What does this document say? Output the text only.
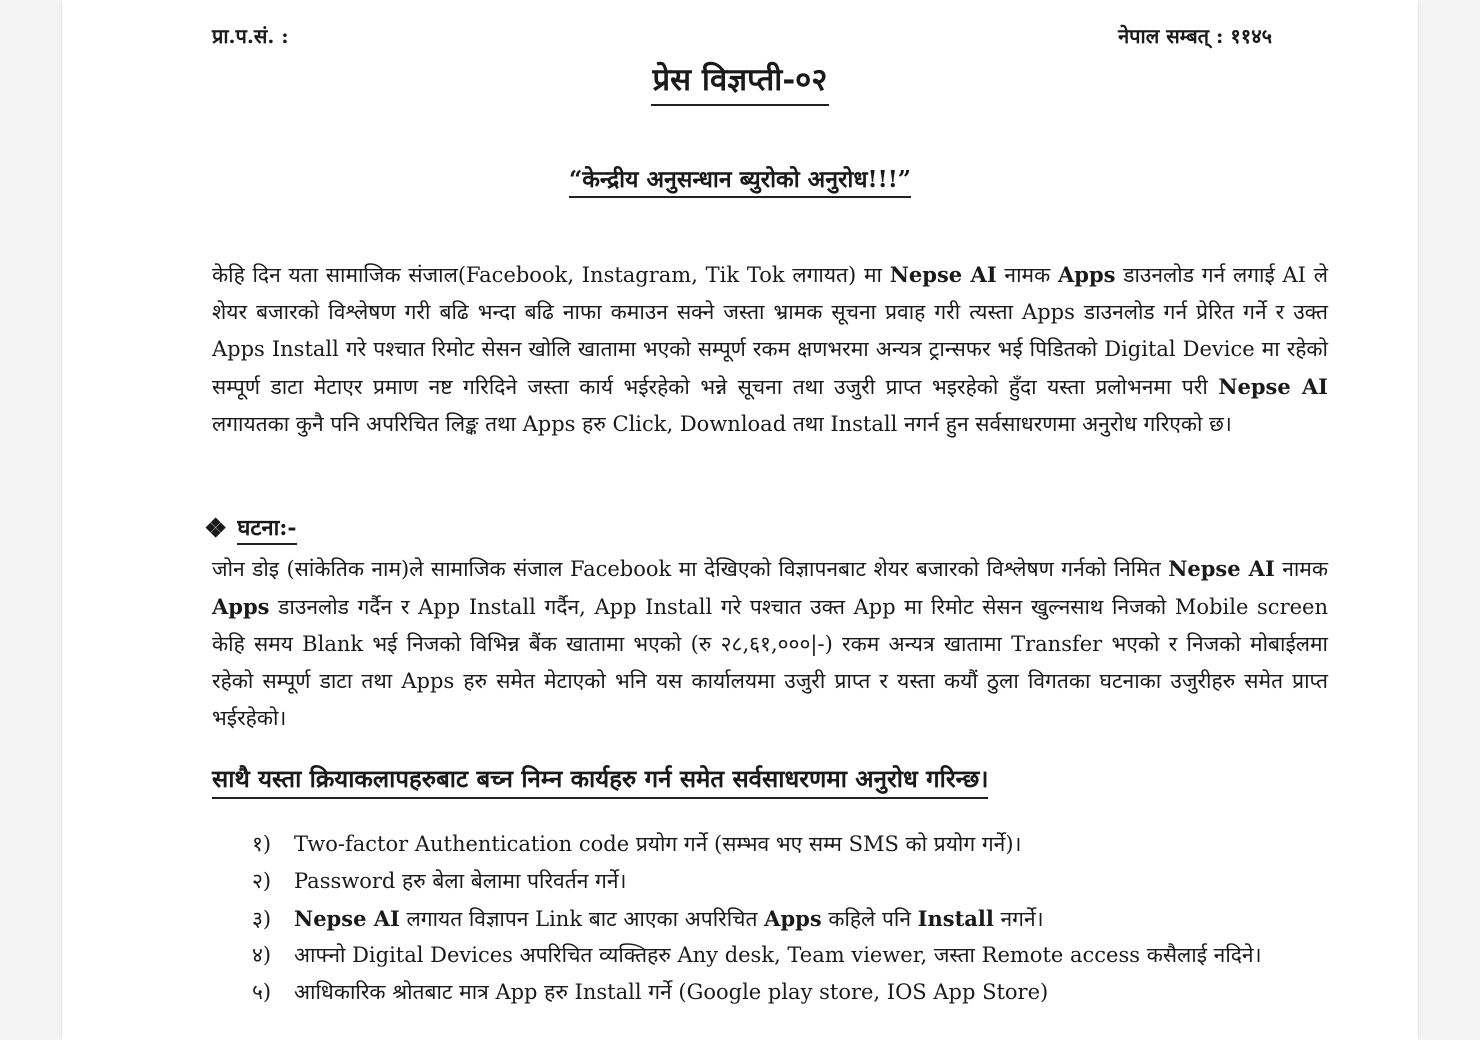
प्रा.प.सं. :	नेपाल सम्बत् : ११४५
प्रेस विज्ञप्ती-०२
“केन्द्रीय अनुसन्धान ब्युरोको अनुरोध!!!”

केहि दिन यता सामाजिक संजाल(Facebook, Instagram, Tik Tok लगायत) मा Nepse AI नामक Apps डाउनलोड गर्न लगाई AI ले शेयर बजारको विश्लेषण गरी बढि भन्दा बढि नाफा कमाउन सक्ने जस्ता भ्रामक सूचना प्रवाह गरी त्यस्ता Apps डाउनलोड गर्न प्रेरित गर्ने र उक्त Apps Install गरे पश्चात रिमोट सेसन खोलि खातामा भएको सम्पूर्ण रकम क्षणभरमा अन्यत्र ट्रान्सफर भई पिडितको Digital Device मा रहेको सम्पूर्ण डाटा मेटाएर प्रमाण नष्ट गरिदिने जस्ता कार्य भईरहेको भन्ने सूचना तथा उजुरी प्राप्त भइरहेको हुँदा यस्ता प्रलोभनमा परी Nepse AI लगायतका कुनै पनि अपरिचित लिङ्क तथा Apps हरु Click, Download तथा Install नगर्न हुन सर्वसाधरणमा अनुरोध गरिएको छ।

❖ घटना:-

जोन डोइ (सांकेतिक नाम)ले सामाजिक संजाल Facebook मा देखिएको विज्ञापनबाट शेयर बजारको विश्लेषण गर्नको निमित Nepse AI नामक Apps डाउनलोड गर्दैन र App Install गर्दैन, App Install गरे पश्चात उक्त App मा रिमोट सेसन खुल्नसाथ निजको Mobile screen केहि समय Blank भई निजको विभिन्न बैंक खातामा भएको (रु २८,६१,०००|-) रकम अन्यत्र खातामा Transfer भएको र निजको मोबाईलमा रहेको सम्पूर्ण डाटा तथा Apps हरु समेत मेटाएको भनि यस कार्यालयमा उजुरी प्राप्त र यस्ता कयौं ठुला विगतका घटनाका उजुरीहरु समेत प्राप्त भईरहेको।

साथै यस्ता क्रियाकलापहरुबाट बच्न निम्न कार्यहरु गर्न समेत सर्वसाधरणमा अनुरोध गरिन्छ।
१) Two-factor Authentication code प्रयोग गर्ने (सम्भव भए सम्म SMS को प्रयोग गर्ने)।
२) Password हरु बेला बेलामा परिवर्तन गर्ने।
३) Nepse AI लगायत विज्ञापन Link बाट आएका अपरिचित Apps कहिले पनि Install नगर्ने।
४) आफ्नो Digital Devices अपरिचित व्यक्तिहरु Any desk, Team viewer, जस्ता Remote access कसैलाई नदिने।
५) आधिकारिक श्रोतबाट मात्र App हरु Install गर्ने (Google play store, IOS App Store)
